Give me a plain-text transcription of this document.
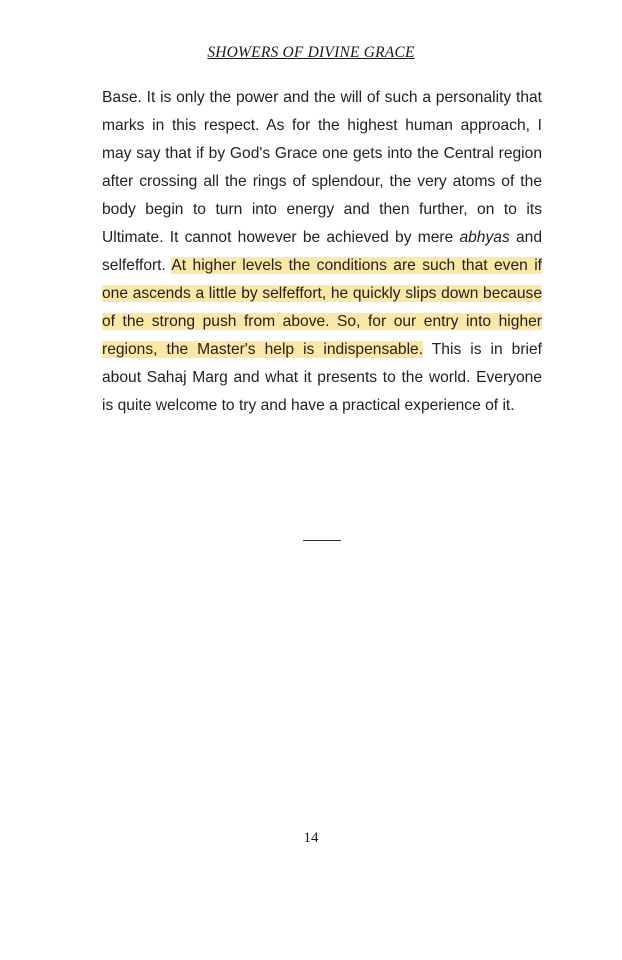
SHOWERS OF DIVINE GRACE

Base. It is only the power and the will of such a personality that marks in this respect. As for the highest human approach, I may say that if by God's Grace one gets into the Central region after crossing all the rings of splendour, the very atoms of the body begin to turn into energy and then further, on to its Ultimate. It cannot however be achieved by mere abhyas and selfeffort. At higher levels the conditions are such that even if one ascends a little by selfeffort, he quickly slips down because of the strong push from above. So, for our entry into higher regions, the Master's help is indispensable. This is in brief about Sahaj Marg and what it presents to the world. Everyone is quite welcome to try and have a practical experience of it.

14
